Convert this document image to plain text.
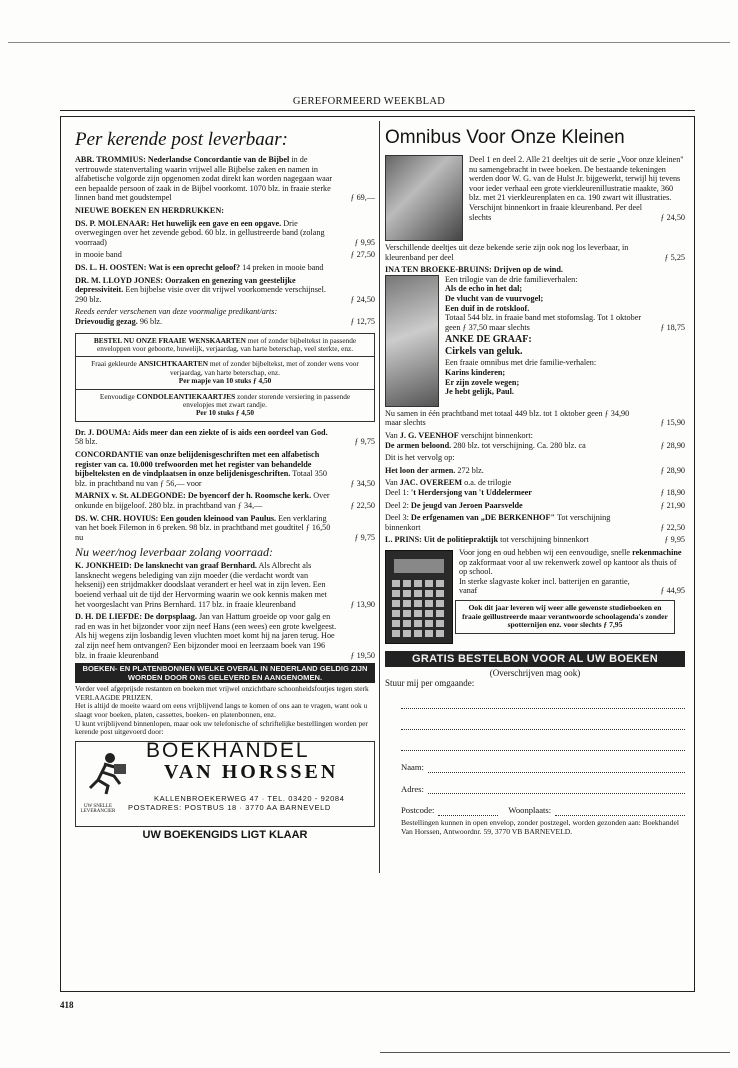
GEREFORMEERD WEEKBLAD

Per kerende post leverbaar:

ABR. TROMMIUS: Nederlandse Concordantie van de Bijbel in de vertrouwde statenvertaling waarin vrijwel alle Bijbelse zaken en namen in alfabetische volgorde zijn opgenomen zodat direkt kan worden nagegaan waar een bepaalde persoon of zaak in de Bijbel voorkomt. 1070 blz. in fraaie sterke linnen band met goudstempel	ƒ 69,—
NIEUWE BOEKEN EN HERDRUKKEN:
DS. P. MOLENAAR: Het huwelijk een gave en een opgave. Drie overwegingen over het zevende gebod. 60 blz. in gellustreerde band (zolang voorraad)	ƒ 9,95
in mooie band	ƒ 27,50
DS. L. H. OOSTEN: Wat is een oprecht geloof? 14 preken in mooie band
DR. M. LLOYD JONES: Oorzaken en genezing van geestelijke depressiviteit. Een bijbelse visie over dit vrijwel voorkomende verschijnsel. 290 blz.	ƒ 24,50

Reeds eerder verschenen van deze voormalige predikant/arts:

Drievoudig gezag. 96 blz.	ƒ 12,75
BESTEL NU ONZE FRAAIE WENSKAARTEN met of zonder bijbeltekst in passende enveloppen voor geboorte, huwelijk, verjaardag, van harte beterschap, veel sterkte, enz.
Fraai gekleurde ANSICHTKAARTEN met of zonder bijbeltekst, met of zonder wens voor verjaardag, van harte beterschap, enz.
Per mapje van 10 stuks ƒ 4,50
Eenvoudige CONDOLEANTIEKAARTJES zonder storende versiering in passende envelopjes met zwart randje.
Per 10 stuks ƒ 4,50
Dr. J. DOUMA: Aids meer dan een ziekte of is aids een oordeel van God. 58 blz.	ƒ 9,75
CONCORDANTIE van onze belijdenisgeschriften met een alfabetisch register van ca. 10.000 trefwoorden met het register van behandelde bijbelteksten en de vindplaatsen in onze belijdenisgeschriften. Totaal 350 blz. in prachtband nu van ƒ 56,— voor	ƒ 34,50
MARNIX v. St. ALDEGONDE: De byencorf der h. Roomsche kerk. Over onkunde en bijgeloof. 280 blz. in prachtband van ƒ 34,—	ƒ 22,50
DS. W. CHR. HOVIUS: Een gouden kleinood van Paulus. Een verklaring van het boek Filemon in 6 preken. 98 blz. in prachtband met goudtitel ƒ 16,50 nu	ƒ 9,75

Nu weer/nog leverbaar zolang voorraad:

K. JONKHEID: De lansknecht van graaf Bernhard. Als Albrecht als lansknecht wegens belediging van zijn moeder (die verdacht wordt van heksenij) een strijdmakker doodslaat verandert er heel wat in zijn leven. Een boeiend verhaal uit de tijd der Hervorming waarin we ook kennis maken met het voorgeslacht van Prins Bernhard. 117 blz. in fraaie kleurenband	ƒ 13,90
D. H. DE LIEFDE: De dorpsplaag. Jan van Hattum groeide op voor galg en rad en was in het bijzonder voor zijn neef Hans (een wees) een grote kwelgeest. Als hij wegens zijn losbandig leven vluchten moet komt hij na jaren terug. Hoe zal zijn neef hem ontvangen? Een bijzonder mooi en leerzaam boek van 196 blz. in fraaie kleurenband	ƒ 19,50
BOEKEN- EN PLATENBONNEN WELKE OVERAL IN NEDERLAND GELDIG ZIJN WORDEN DOOR ONS GELEVERD EN AANGENOMEN.

Verder veel afgeprijsde restanten en boeken met vrijwel onzichtbare schoonheidsfoutjes tegen sterk VERLAAGDE PRIJZEN.

Het is altijd de moeite waard om eens vrijblijvend langs te komen of ons aan te vragen, want ook u slaagt voor boeken, platen, cassettes, boeken- en platenbonnen, enz.

U kunt vrijblijvend binnenlopen, maar ook uw telefonische of schriftelijke bestellingen worden per kerende post uitgevoerd door:

BOEKHANDEL
VAN HORSSEN
KALLENBROEKERWEG 47 · TEL. 03420 - 92084
POSTADRES: POSTBUS 18 · 3770 AA BARNEVELD
UW SNELLE LEVERANCIER
UW BOEKENGIDS LIGT KLAAR

Omnibus Voor Onze Kleinen

Deel 1 en deel 2. Alle 21 deeltjes uit de serie „Voor onze kleinen" nu samengebracht in twee boeken. De bestaande tekeningen werden door W. G. van de Hulst Jr. bijgewerkt, terwijl hij tevens voor ieder verhaal een grote vierkleurenillustratie maakte, 360 blz. met 21 vierkleurenplaten en ca. 190 zwart wit illustraties.

Verschijnt binnenkort in fraaie kleurenband. Per deel slechts	ƒ 24,50
Verschillende deeltjes uit deze bekende serie zijn ook nog los leverbaar, in kleurenband per deel	ƒ 5,25

INA TEN BROEKE-BRUINS: Drijven op de wind.

Een trilogie van de drie familieverhalen:

Als de echo in het dal;

De vlucht van de vuurvogel;

Een duif in de rotskloof.

Totaal 544 blz. in fraaie band met stofomslag. Tot 1 oktober geen ƒ 37,50 maar slechts	ƒ 18,75

ANKE DE GRAAF:

Cirkels van geluk.

Een fraaie omnibus met drie familie-verhalen:

Karins kinderen;

Er zijn zovele wegen;

Je hebt gelijk, Paul.

Nu samen in één prachtband met totaal 449 blz. tot 1 oktober geen ƒ 34,90 maar slechts	ƒ 15,90

Van J. G. VEENHOF verschijnt binnenkort:

De armen beloond. 280 blz. tot verschijning. Ca. 280 blz. ca	ƒ 28,90
Dit is het vervolg op:
Het loon der armen. 272 blz.	ƒ 28,90

Van JAC. OVEREEM o.a. de trilogie

Deel 1: 't Herdersjong van 't Uddelermeer	ƒ 18,90
Deel 2: De jeugd van Jeroen Paarsvelde	ƒ 21,90
Deel 3: De erfgenamen van „DE BERKENHOF" Tot verschijning binnenkort	ƒ 22,50
L. PRINS: Uit de politiepraktijk tot verschijning binnenkort	ƒ 9,95

Voor jong en oud hebben wij een eenvoudige, snelle rekenmachine op zakformaat voor al uw rekenwerk zowel op kantoor als thuis of op school.

In sterke slagvaste koker incl. batterijen en garantie, vanaf	ƒ 44,95
Ook dit jaar leveren wij weer alle gewenste studieboeken en fraaie geïllustreerde maar verantwoorde schoolagenda's zonder spotternijen enz. voor slechts ƒ 7,95
GRATIS BESTELBON VOOR AL UW BOEKEN

(Overschrijven mag ook)

Stuur mij per omgaande:

Naam:
Adres:
Postcode:	Woonplaats:

Bestellingen kunnen in open envelop, zonder postzegel, worden gezonden aan: Boekhandel Van Horssen, Antwoordnr. 59, 3770 VB BARNEVELD.

418
